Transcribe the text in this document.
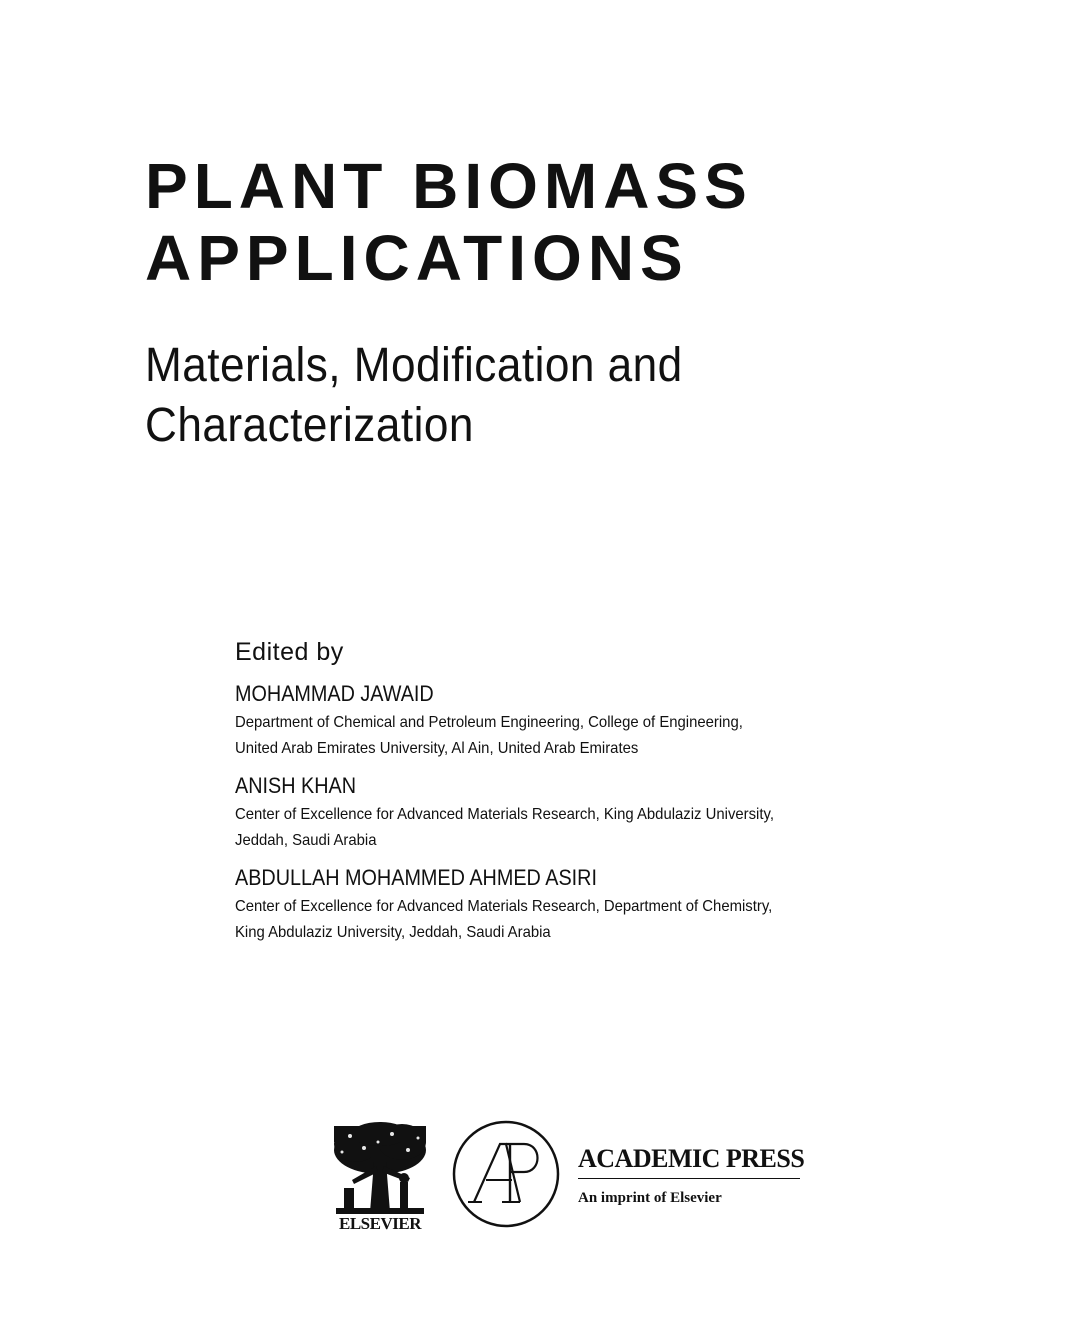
PLANT BIOMASS
APPLICATIONS
Materials, Modification and
Characterization
Edited by
MOHAMMAD JAWAID
Department of Chemical and Petroleum Engineering, College of Engineering,
United Arab Emirates University, Al Ain, United Arab Emirates
ANISH KHAN
Center of Excellence for Advanced Materials Research, King Abdulaziz University,
Jeddah, Saudi Arabia
ABDULLAH MOHAMMED AHMED ASIRI
Center of Excellence for Advanced Materials Research, Department of Chemistry,
King Abdulaziz University, Jeddah, Saudi Arabia
ELSEVIER
ACADEMIC PRESS
An imprint of Elsevier
